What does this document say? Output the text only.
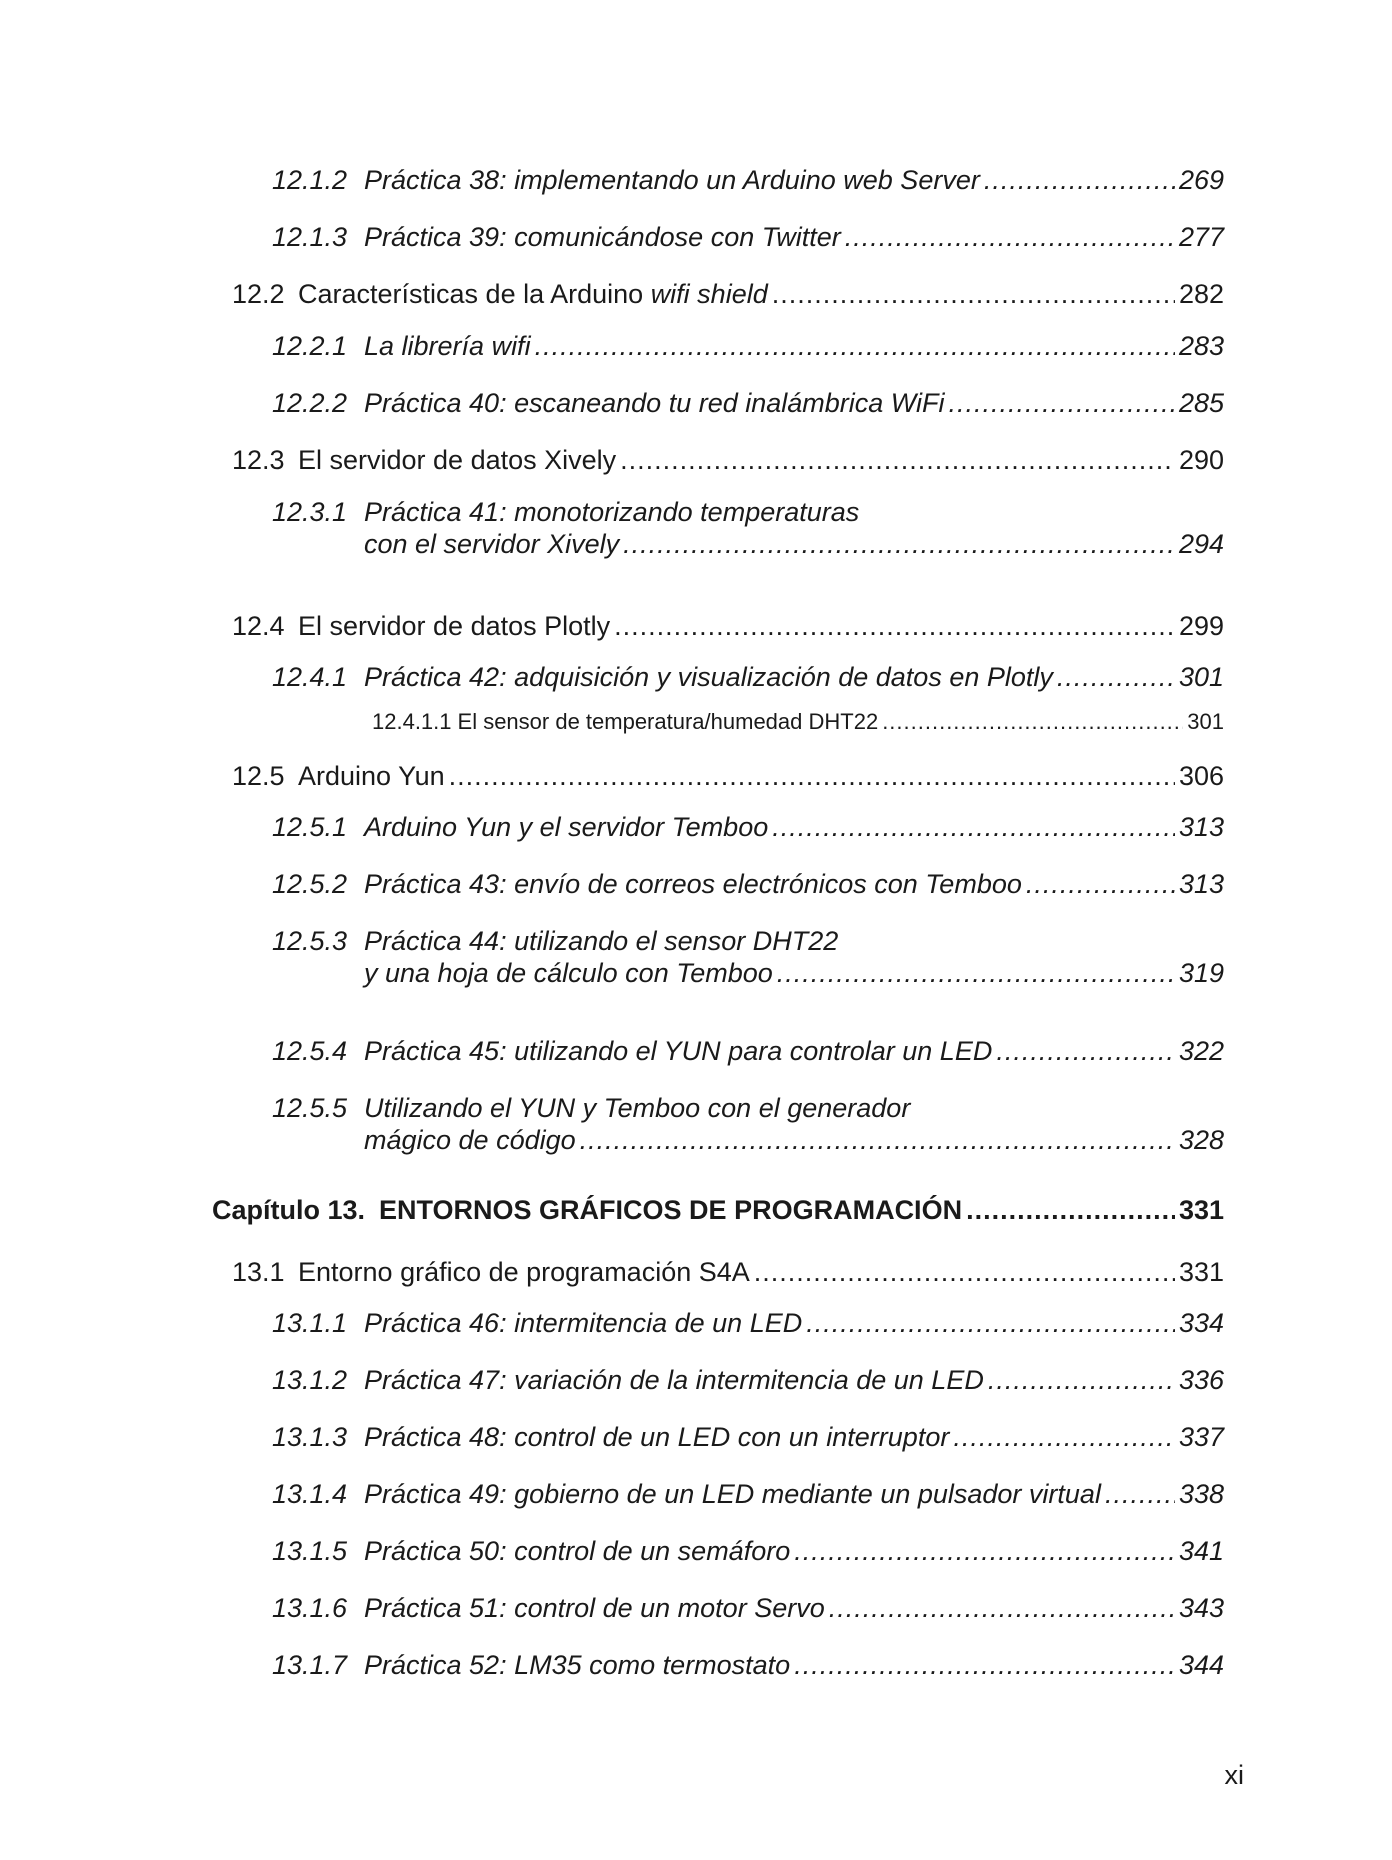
12.1.2 Práctica 38: implementando un Arduino web Server .....	269
12.1.3 Práctica 39: comunicándose con Twitter .....	277
12.2 Características de la Arduino wifi shield .....	282
12.2.1 La librería wifi .....	283
12.2.2 Práctica 40: escaneando tu red inalámbrica WiFi .....	285
12.3 El servidor de datos Xively .....	290
12.3.1 Práctica 41: monotorizando temperaturas
con el servidor Xively .....	294
12.4 El servidor de datos Plotly .....	299
12.4.1 Práctica 42: adquisición y visualización de datos en Plotly .....	301
12.4.1.1 El sensor de temperatura/humedad DHT22 .....	301
12.5 Arduino Yun .....	306
12.5.1 Arduino Yun y el servidor Temboo .....	313
12.5.2 Práctica 43: envío de correos electrónicos con Temboo .....	313
12.5.3 Práctica 44: utilizando el sensor DHT22
y una hoja de cálculo con Temboo .....	319
12.5.4 Práctica 45: utilizando el YUN para controlar un LED .....	322
12.5.5 Utilizando el YUN y Temboo con el generador
mágico de código .....	328
Capítulo 13. ENTORNOS GRÁFICOS DE PROGRAMACIÓN .....	331
13.1 Entorno gráfico de programación S4A .....	331
13.1.1 Práctica 46: intermitencia de un LED .....	334
13.1.2 Práctica 47: variación de la intermitencia de un LED .....	336
13.1.3 Práctica 48: control de un LED con un interruptor .....	337
13.1.4 Práctica 49: gobierno de un LED mediante un pulsador virtual .....	338
13.1.5 Práctica 50: control de un semáforo .....	341
13.1.6 Práctica 51: control de un motor Servo .....	343
13.1.7 Práctica 52: LM35 como termostato .....	344
xi
